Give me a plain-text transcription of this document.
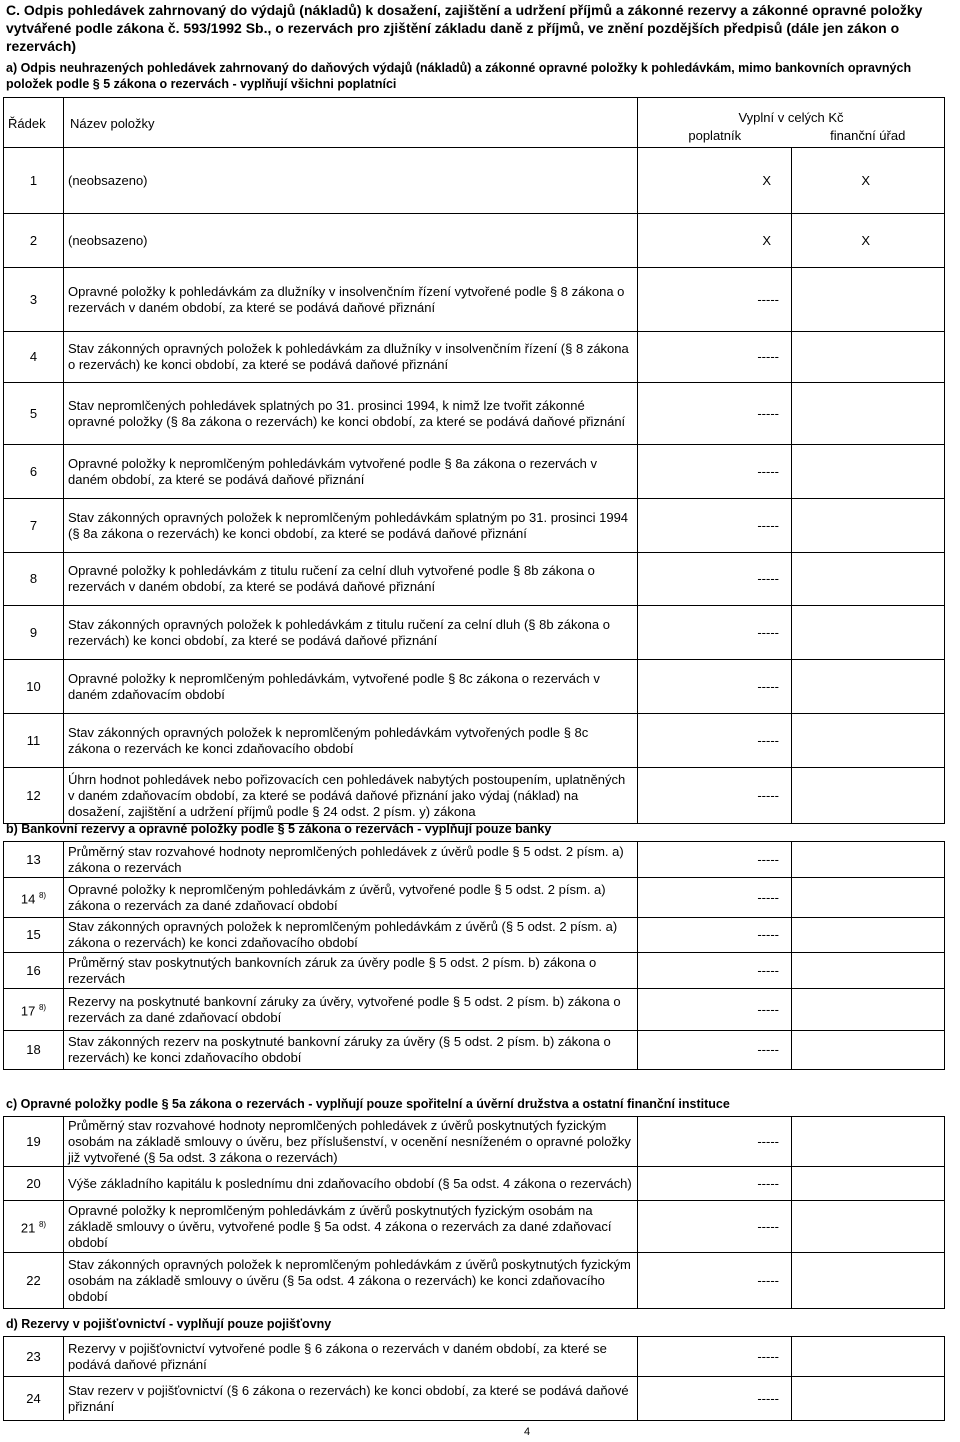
C. Odpis pohledávek zahrnovaný do výdajů (nákladů) k dosažení, zajištění a udržení příjmů a zákonné rezervy a zákonné opravné položky vytvářené podle zákona č. 593/1992 Sb., o rezervách pro zjištění základu daně z příjmů, ve znění pozdějších předpisů (dále jen zákon o rezervách)
a) Odpis neuhrazených pohledávek zahrnovaný do daňových výdajů (nákladů) a zákonné opravné položky k pohledávkám, mimo bankovních opravných položek podle § 5 zákona o rezervách - vyplňují všichni poplatníci
Řádek	Název položky	Vyplní v celých Kč
poplatník finanční úřad	

1	(neobsazeno)	X	X
2	(neobsazeno)	X	X
3	Opravné položky k pohledávkám za dlužníky v insolvenčním řízení vytvořené podle § 8 zákona o rezervách v daném období, za které se podává daňové přiznání	-----	
4	Stav zákonných opravných položek k pohledávkám za dlužníky v insolvenčním řízení (§ 8 zákona o rezervách) ke konci období, za které se podává daňové přiznání	-----	
5	Stav nepromlčených pohledávek splatných po 31. prosinci 1994, k nimž lze tvořit zákonné opravné položky (§ 8a zákona o rezervách) ke konci období, za které se podává daňové přiznání	-----	
6	Opravné položky k nepromlčeným pohledávkám vytvořené podle § 8a zákona o rezervách v daném období, za které se podává daňové přiznání	-----	
7	Stav zákonných opravných položek k nepromlčeným pohledávkám splatným po 31. prosinci 1994 (§ 8a zákona o rezervách) ke konci období, za které se podává daňové přiznání	-----	
8	Opravné položky k pohledávkám z titulu ručení za celní dluh vytvořené podle § 8b zákona o rezervách v daném období, za které se podává daňové přiznání	-----	
9	Stav zákonných opravných položek k pohledávkám z titulu ručení za celní dluh (§ 8b zákona o rezervách) ke konci období, za které se podává daňové přiznání	-----	
10	Opravné položky k nepromlčeným pohledávkám, vytvořené podle § 8c zákona o rezervách v daném zdaňovacím období	-----	
11	Stav zákonných opravných položek k nepromlčeným pohledávkám vytvořených podle § 8c zákona o rezervách ke konci zdaňovacího období	-----	
12	Úhrn hodnot pohledávek nebo pořizovacích cen pohledávek nabytých postoupením, uplatněných v daném zdaňovacím období, za které se podává daňové přiznání jako výdaj (náklad) na dosažení, zajištění a udržení příjmů podle § 24 odst. 2 písm. y) zákona	-----	
b) Bankovní rezervy a opravné položky podle § 5 zákona o rezervách - vyplňují pouze banky
13	Průměrný stav rozvahové hodnoty nepromlčených pohledávek z úvěrů podle § 5 odst. 2 písm. a) zákona o rezervách	-----	
14 $^{8)}$	Opravné položky k nepromlčeným pohledávkám z úvěrů, vytvořené podle § 5 odst. 2 písm. a) zákona o rezervách za dané zdaňovací období	-----	
15	Stav zákonných opravných položek k nepromlčeným pohledávkám z úvěrů (§ 5 odst. 2 písm. a) zákona o rezervách) ke konci zdaňovacího období	-----	
16	Průměrný stav poskytnutých bankovních záruk za úvěry podle § 5 odst. 2 písm. b) zákona o rezervách	-----	
17 $^{8)}$	Rezervy na poskytnuté bankovní záruky za úvěry, vytvořené podle § 5 odst. 2 písm. b) zákona o rezervách za dané zdaňovací období	-----	
18	Stav zákonných rezerv na poskytnuté bankovní záruky za úvěry (§ 5 odst. 2 písm. b) zákona o rezervách) ke konci zdaňovacího období	-----	
c) Opravné položky podle § 5a zákona o rezervách - vyplňují pouze spořitelní a úvěrní družstva a ostatní finanční instituce
19	Průměrný stav rozvahové hodnoty nepromlčených pohledávek z úvěrů poskytnutých fyzickým osobám na základě smlouvy o úvěru, bez příslušenství, v ocenění nesníženém o opravné položky již vytvořené (§ 5a odst. 3 zákona o rezervách)	-----	
20	Výše základního kapitálu k poslednímu dni zdaňovacího období (§ 5a odst. 4 zákona o rezervách)	-----	
21 $^{8)}$	Opravné položky k nepromlčeným pohledávkám z úvěrů poskytnutých fyzickým osobám na základě smlouvy o úvěru, vytvořené podle § 5a odst. 4 zákona o rezervách za dané zdaňovací období	-----	
22	Stav zákonných opravných položek k nepromlčeným pohledávkám z úvěrů poskytnutých fyzickým osobám na základě smlouvy o úvěru (§ 5a odst. 4 zákona o rezervách) ke konci zdaňovacího období	-----	
d) Rezervy v pojišťovnictví - vyplňují pouze pojišťovny
23	Rezervy v pojišťovnictví vytvořené podle § 6 zákona o rezervách v daném období, za které se podává daňové přiznání	-----	
24	Stav rezerv v pojišťovnictví (§ 6 zákona o rezervách) ke konci období, za které se podává daňové přiznání	-----	
4
